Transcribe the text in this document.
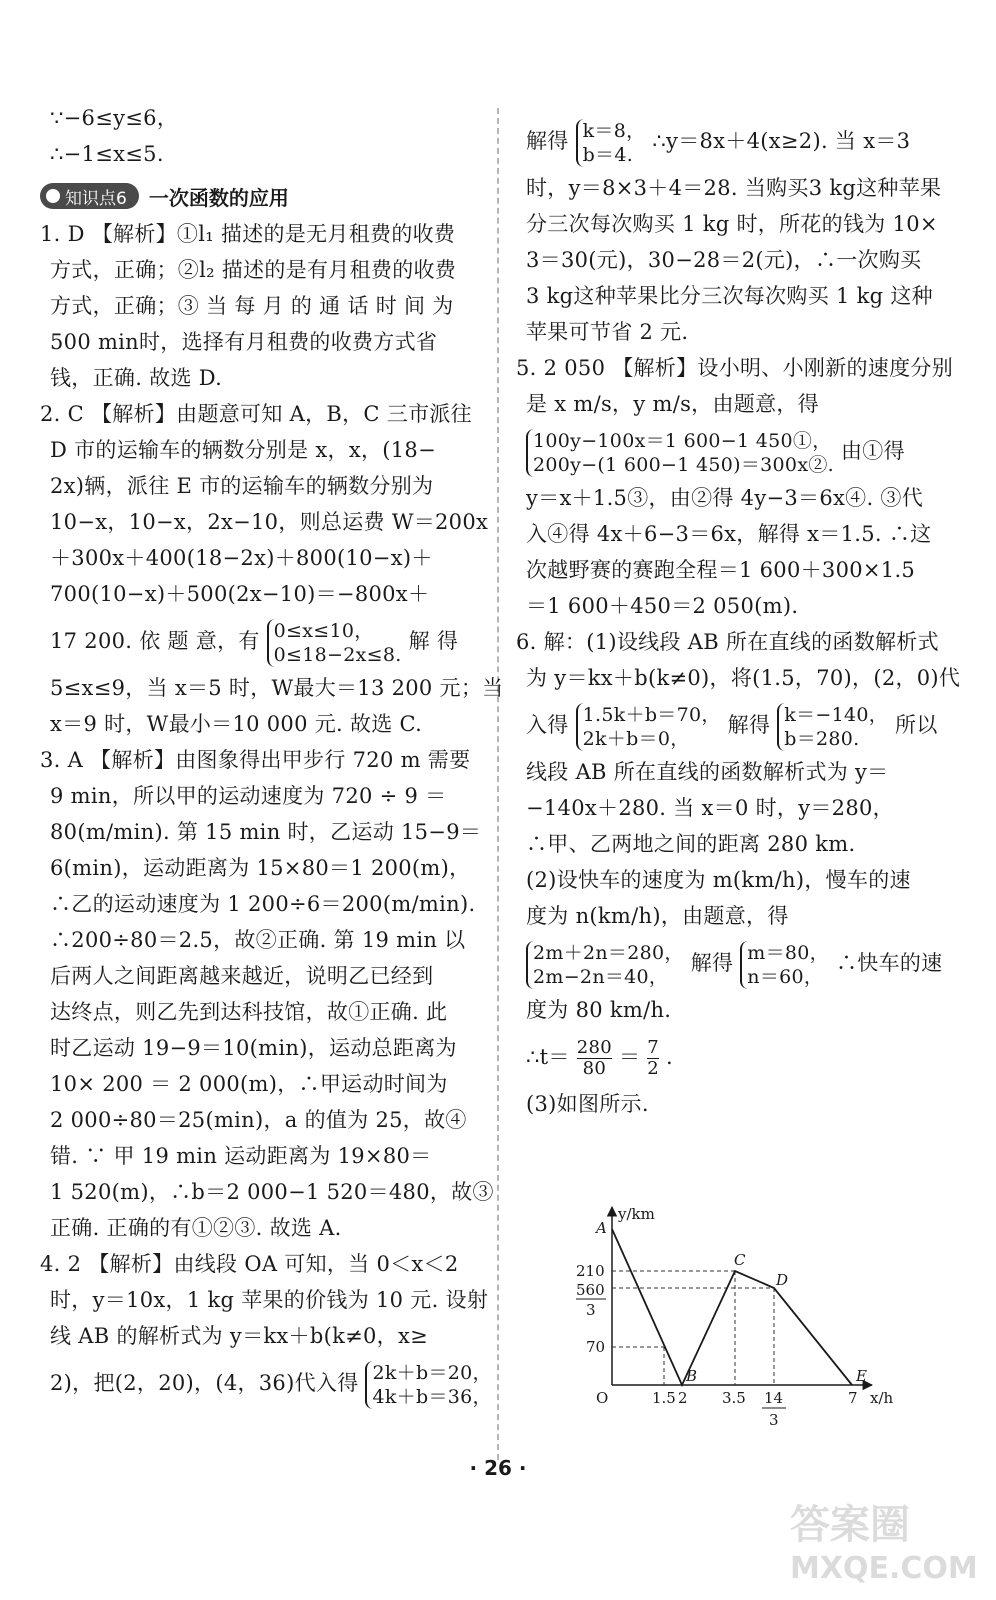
∵−6≤y≤6，
∴−1≤x≤5.
知识点6 一次函数的应用
1. D 【解析】①l₁ 描述的是无月租费的收费
方式，正确；②l₂ 描述的是有月租费的收费
方式，正确；③ 当 每 月 的 通 话 时 间 为
500 min时，选择有月租费的收费方式省
钱，正确. 故选 D.
2. C 【解析】由题意可知 A，B，C 三市派往
D 市的运输车的辆数分别是 x，x，(18−
2x)辆，派往 E 市的运输车的辆数分别为
10−x，10−x，2x−10，则总运费 W＝200x
＋300x＋400(18−2x)＋800(10−x)＋
700(10−x)＋500(2x−10)＝−800x＋
17 200. 依 题 意，有 0≤x≤10，
0≤18−2x≤8.
解 得
5≤x≤9，当 x＝5 时，W最大＝13 200 元；当
x＝9 时，W最小＝10 000 元. 故选 C.
3. A 【解析】由图象得出甲步行 720 m 需要
9 min，所以甲的运动速度为 720 ÷ 9 ＝
80(m/min). 第 15 min 时，乙运动 15−9＝
6(min)，运动距离为 15×80＝1 200(m)，
∴乙的运动速度为 1 200÷6＝200(m/min).
∴200÷80＝2.5，故②正确. 第 19 min 以
后两人之间距离越来越近，说明乙已经到
达终点，则乙先到达科技馆，故①正确. 此
时乙运动 19−9＝10(min)，运动总距离为
10× 200 ＝ 2 000(m)，∴甲运动时间为
2 000÷80＝25(min)，a 的值为 25，故④
错. ∵ 甲 19 min 运动距离为 19×80＝
1 520(m)，∴b＝2 000−1 520＝480，故③
正确. 正确的有①②③. 故选 A.
4. 2 【解析】由线段 OA 可知，当 0＜x＜2
时，y＝10x，1 kg 苹果的价钱为 10 元. 设射
线 AB 的解析式为 y＝kx＋b(k≠0，x≥
2)，把(2，20)，(4，36)代入得 2k＋b＝20，
4k＋b＝36，
解得 k＝8，
b＝4.
∴y＝8x＋4(x≥2). 当 x＝3
时，y＝8×3＋4＝28. 当购买3 kg这种苹果
分三次每次购买 1 kg 时，所花的钱为 10×
3＝30(元)，30−28＝2(元)，∴一次购买
3 kg这种苹果比分三次每次购买 1 kg 这种
苹果可节省 2 元.
5. 2 050 【解析】设小明、小刚新的速度分别
是 x m/s，y m/s，由题意，得
100y−100x＝1 600−1 450①，
200y−(1 600−1 450)＝300x②.
由①得
y＝x＋1.5③，由②得 4y−3＝6x④. ③代
入④得 4x＋6−3＝6x，解得 x＝1.5. ∴这
次越野赛的赛跑全程＝1 600＋300×1.5
＝1 600＋450＝2 050(m).
6. 解：(1)设线段 AB 所在直线的函数解析式
为 y＝kx＋b(k≠0)，将(1.5，70)，(2，0)代
入得 1.5k＋b＝70，
2k＋b＝0，
解得 k＝−140，
b＝280.
所以
线段 AB 所在直线的函数解析式为 y＝
−140x＋280. 当 x＝0 时，y＝280，
∴甲、乙两地之间的距离 280 km.
(2)设快车的速度为 m(km/h)，慢车的速
度为 n(km/h)，由题意，得
2m＋2n＝280，
2m−2n＝40，
解得 m＝80，
n＝60，
∴快车的速
度为 80 km/h.
∴t＝ $\frac{280}{80} = \frac{7}{2}$ .
(3)如图所示.
y/km
x/h
O
210
560
3
70
1.5 2 3.5 14
3
7
A
B
C
D
E
· 26 ·
答案圈
MXQE.COM
